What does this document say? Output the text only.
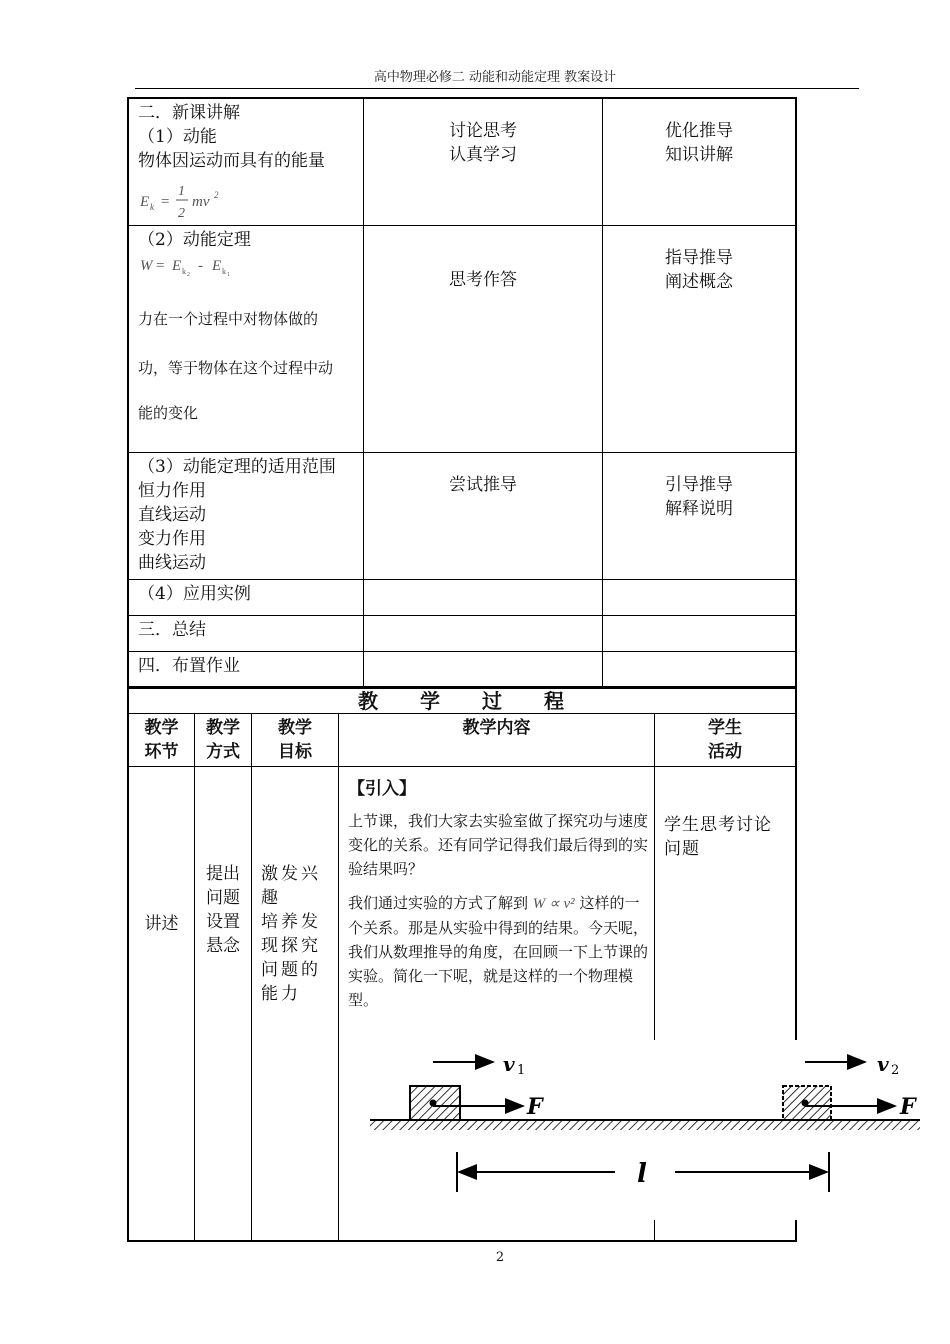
高中物理必修二 动能和动能定理 教案设计
二．新课讲解
（1）动能
物体因运动而具有的能量
E k =
1
2
mv 2
讨论思考
认真学习
优化推导
知识讲解
（2）动能定理
W = E k 2
- E k 1
力在一个过程中对物体做的
功，等于物体在这个过程中动
能的变化
思考作答
指导推导
阐述概念
（3）动能定理的适用范围
恒力作用
直线运动
变力作用
曲线运动
尝试推导	引导推导
解释说明
（4）应用实例
三．总结
四．布置作业
教学过程
教学
环节
教学
方式
教学
目标
教学内容	学生
活动
讲述
提出
问题
设置
悬念
激发兴
趣
培养发
现探究
问题的
能力

【引入】

上节课，我们大家去实验室做了探究功与速度变化的关系。还有同学记得我们最后得到的实验结果吗？

我们通过实验的方式了解到 W ∝ v² 这样的一个关系。那是从实验中得到的结果。今天呢，我们从数理推导的角度，在回顾一下上节课的实验。简化一下呢，就是这样的一个物理模型。

学生思考讨论问题
F
v 1
F
v 2
l
2
